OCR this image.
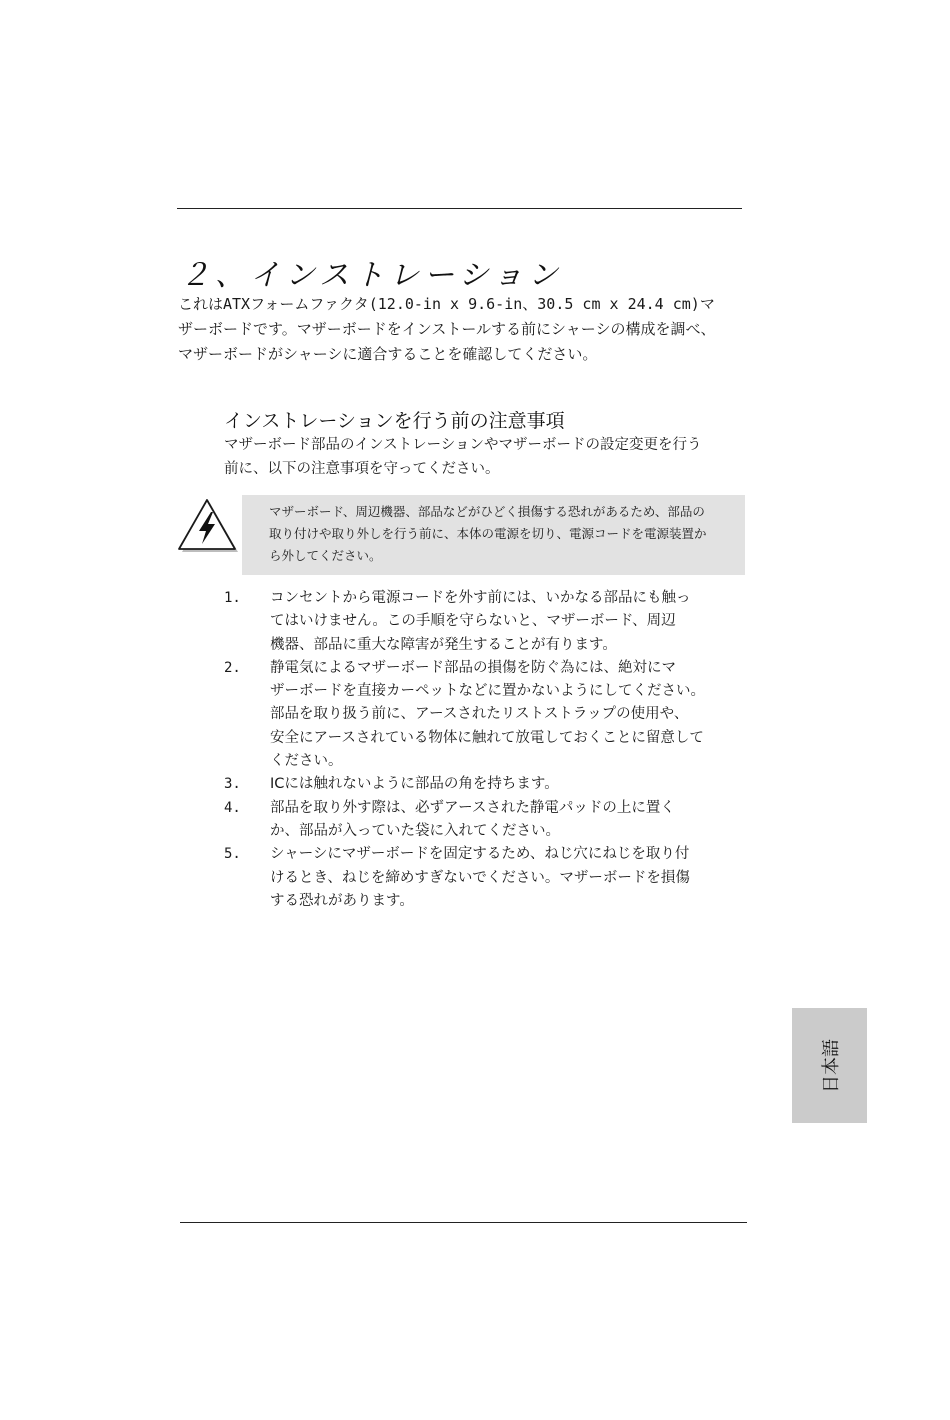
２、インストレーション

これはATXフォームファクタ(12.0-in x 9.6-in、30.5 cm x 24.4 cm)マ

ザーボードです。マザーボードをインストールする前にシャーシの構成を調べ、

マザーボードがシャーシに適合することを確認してください。

インストレーションを行う前の注意事項

マザーボード部品のインストレーションやマザーボードの設定変更を行う

前に、以下の注意事項を守ってください。

マザーボード、周辺機器、部品などがひどく損傷する恐れがあるため、部品の

取り付けや取り外しを行う前に、本体の電源を切り、電源コードを電源装置か

ら外してください。

1. コンセントから電源コードを外す前には、いかなる部品にも触っ
てはいけません。この手順を守らないと、マザーボード、周辺
機器、部品に重大な障害が発生することが有ります。
2. 静電気によるマザーボード部品の損傷を防ぐ為には、絶対にマ
ザーボードを直接カーペットなどに置かないようにしてください。
部品を取り扱う前に、アースされたリストストラップの使用や、
安全にアースされている物体に触れて放電しておくことに留意して
ください。
3. ICには触れないように部品の角を持ちます。
4. 部品を取り外す際は、必ずアースされた静電パッドの上に置く
か、部品が入っていた袋に入れてください。
5. シャーシにマザーボードを固定するため、ねじ穴にねじを取り付
けるとき、ねじを締めすぎないでください。マザーボードを損傷
する恐れがあります。
日本語
